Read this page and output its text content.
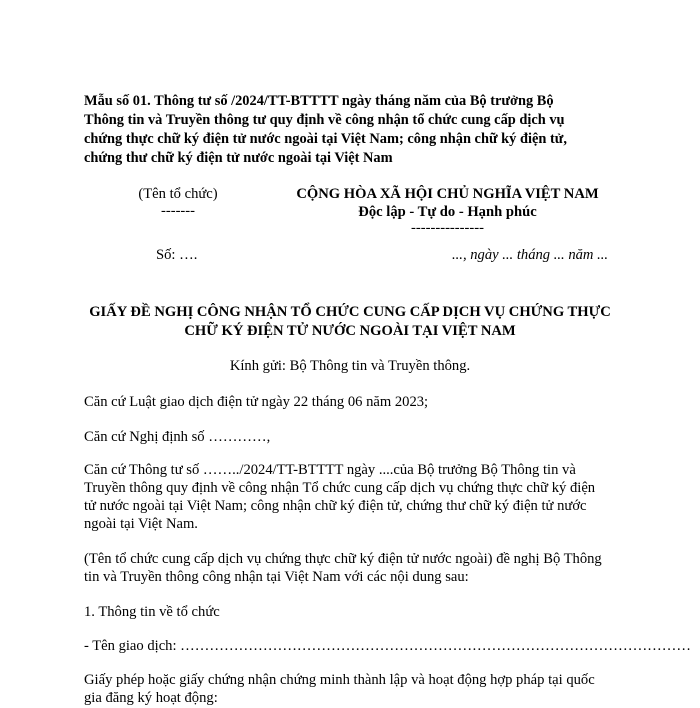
Mẫu số 01. Thông tư số /2024/TT-BTTTT ngày tháng năm của Bộ trưởng Bộ
Thông tin và Truyền thông tư quy định về công nhận tổ chức cung cấp dịch vụ
chứng thực chữ ký điện tử nước ngoài tại Việt Nam; công nhận chữ ký điện tử,
chứng thư chữ ký điện tử nước ngoài tại Việt Nam
(Tên tổ chức)
-------
Số: ….
CỘNG HÒA XÃ HỘI CHỦ NGHĨA VIỆT NAM
Độc lập - Tự do - Hạnh phúc
---------------
..., ngày ... tháng ... năm ...
GIẤY ĐỀ NGHỊ CÔNG NHẬN TỔ CHỨC CUNG CẤP DỊCH VỤ CHỨNG THỰC
CHỮ KÝ ĐIỆN TỬ NƯỚC NGOÀI TẠI VIỆT NAM
Kính gửi: Bộ Thông tin và Truyền thông.
Căn cứ Luật giao dịch điện tử ngày 22 tháng 06 năm 2023;
Căn cứ Nghị định số …………,
Căn cứ Thông tư số ……../2024/TT-BTTTT ngày ....của Bộ trưởng Bộ Thông tin và
Truyền thông quy định về công nhận Tổ chức cung cấp dịch vụ chứng thực chữ ký điện
tử nước ngoài tại Việt Nam; công nhận chữ ký điện tử, chứng thư chữ ký điện tử nước
ngoài tại Việt Nam.
(Tên tổ chức cung cấp dịch vụ chứng thực chữ ký điện tử nước ngoài) đề nghị Bộ Thông
tin và Truyền thông công nhận tại Việt Nam với các nội dung sau:
1. Thông tin về tổ chức
- Tên giao dịch: ……………………………………………………………………………………………
Giấy phép hoặc giấy chứng nhận chứng minh thành lập và hoạt động hợp pháp tại quốc
gia đăng ký hoạt động:
